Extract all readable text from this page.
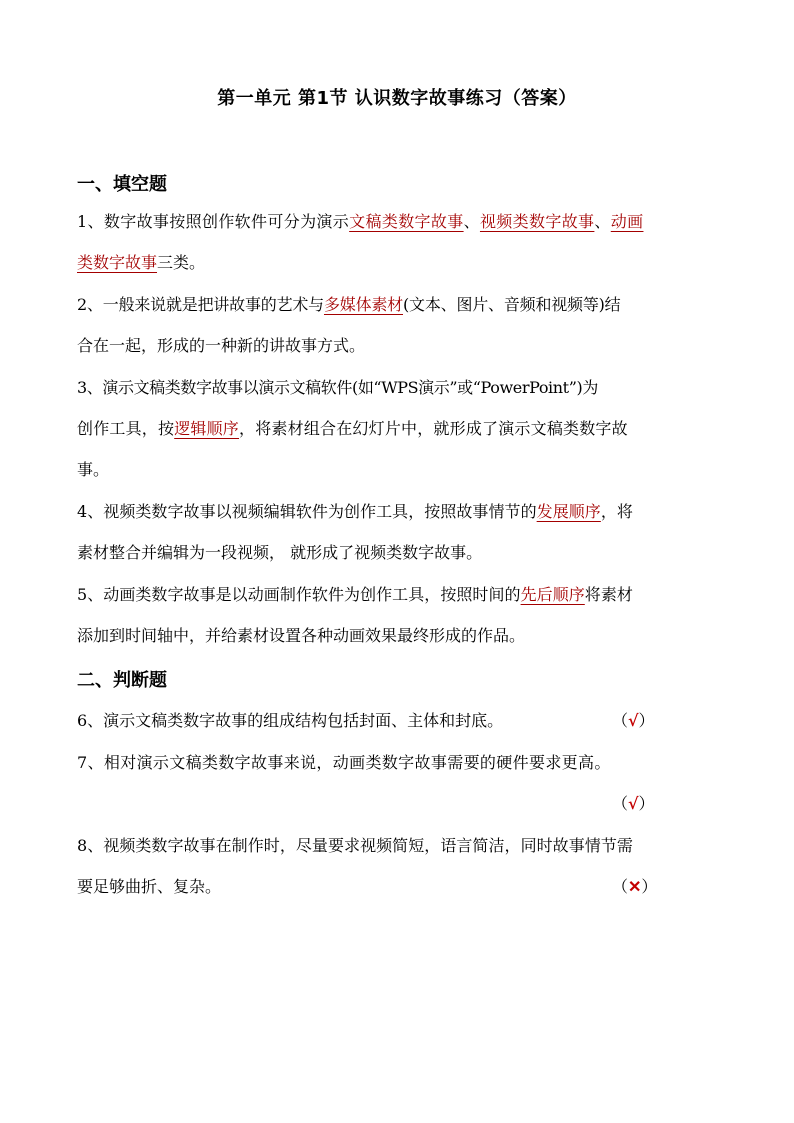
第一单元 第1节 认识数字故事练习（答案）
一、填空题
1、数字故事按照创作软件可分为演示文稿类数字故事、视频类数字故事、动画
类数字故事三类。
2、一般来说就是把讲故事的艺术与多媒体素材(文本、图片、音频和视频等)结
合在一起，形成的一种新的讲故事方式。
3、演示文稿类数字故事以演示文稿软件(如“WPS演示”或“PowerPoint”)为
创作工具，按逻辑顺序，将素材组合在幻灯片中，就形成了演示文稿类数字故
事。
4、视频类数字故事以视频编辑软件为创作工具，按照故事情节的发展顺序，将
素材整合并编辑为一段视频， 就形成了视频类数字故事。
5、动画类数字故事是以动画制作软件为创作工具，按照时间的先后顺序将素材
添加到时间轴中，并给素材设置各种动画效果最终形成的作品。
二、判断题
6、演示文稿类数字故事的组成结构包括封面、主体和封底。	（√）
7、相对演示文稿类数字故事来说，动画类数字故事需要的硬件要求更高。
（√）
8、视频类数字故事在制作时，尽量要求视频简短，语言简洁，同时故事情节需
要足够曲折、复杂。	（✕）
